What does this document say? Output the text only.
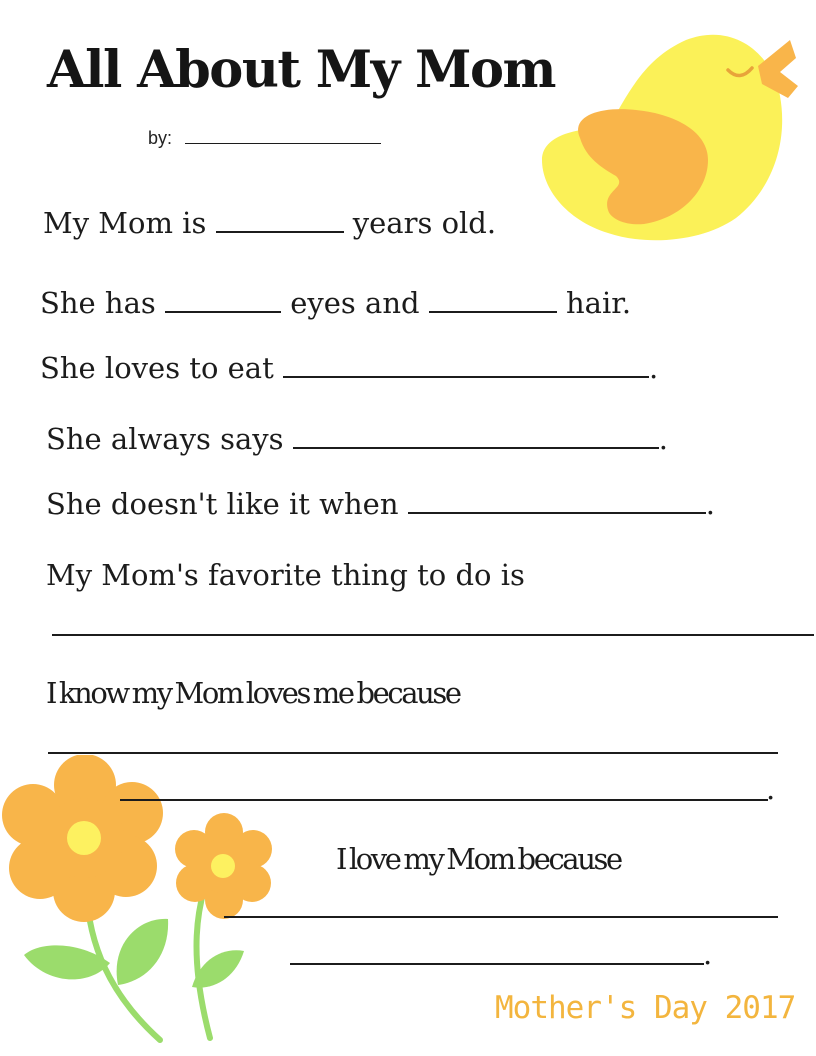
All About My Mom
by:
My Mom is	years old.
She has	eyes and	hair.
She loves to eat	.
She always says	.
She doesn't like it when	.
My Mom's favorite thing to do is
I know my Mom loves me because
.
I love my Mom because
.
Mother's Day 2017
